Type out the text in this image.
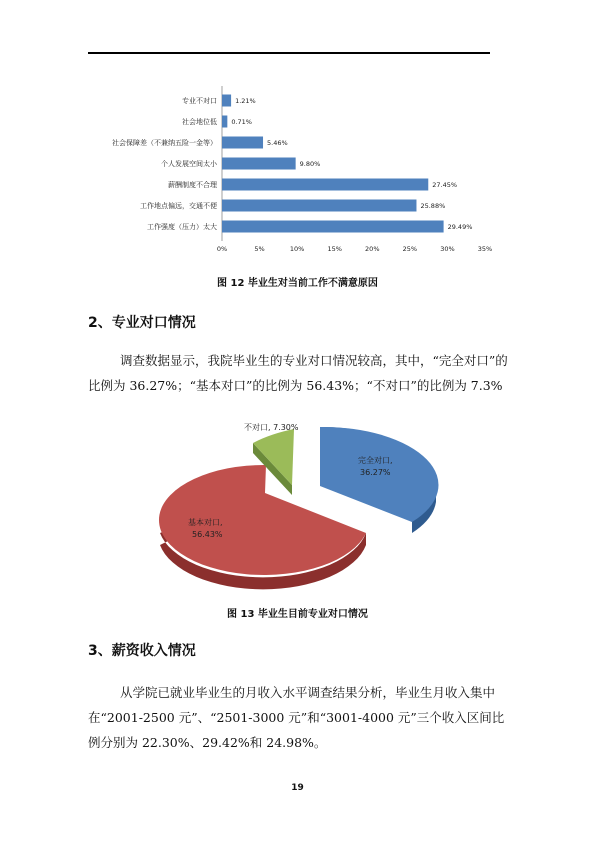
专业不对口	1.21%
社会地位低 0.71%
社会保障差（不兼纳五险一金等）	5.46%
个人发展空间太小	9.80%
薪酬制度不合理	27.45%
工作地点偏远，交通不便	25.88%
工作强度（压力）太大	29.49%
0%	5%	10%	15%	20%	25%	30%	35%
图 12 毕业生对当前工作不满意原因
2、专业对口情况

调查数据显示，我院毕业生的专业对口情况较高，其中，“完全对口”的比例为 36.27%；“基本对口”的比例为 56.43%；“不对口”的比例为 7.3%

基本对口,
56.43%
完全对口,
36.27%
不对口, 7.30%
图 13 毕业生目前专业对口情况
3、薪资收入情况

从学院已就业毕业生的月收入水平调查结果分析，毕业生月收入集中在“2001-2500 元”、“2501-3000 元”和“3001-4000 元”三个收入区间比例分别为 22.30%、29.42%和 24.98%。

19
